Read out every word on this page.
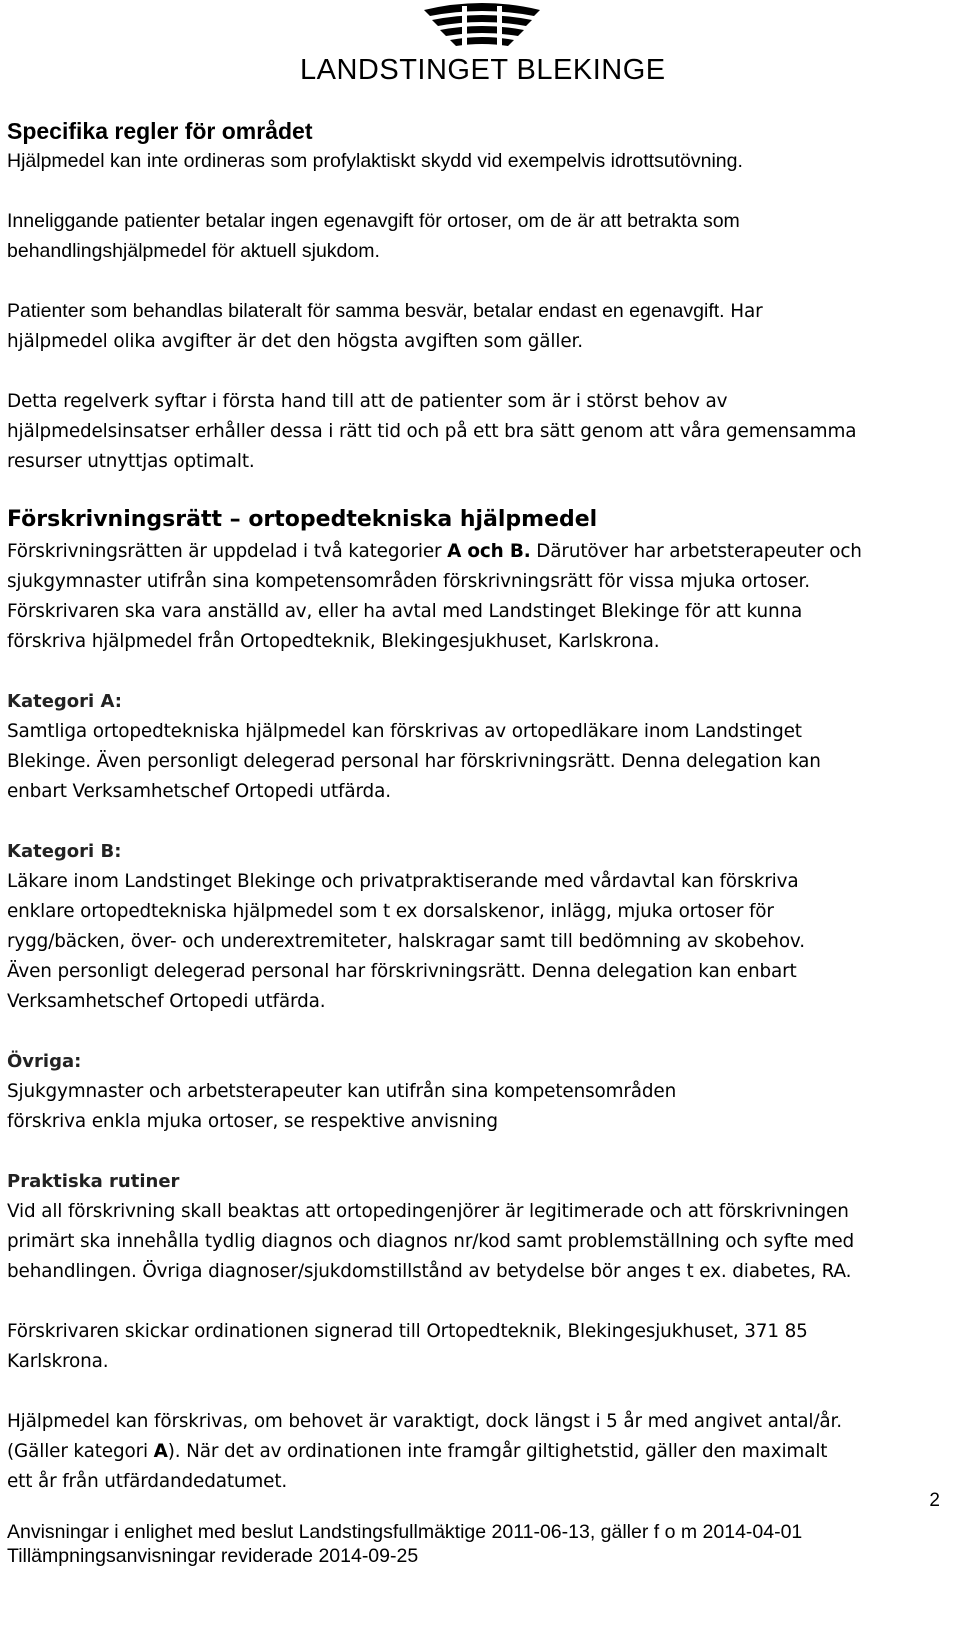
LANDSTINGET BLEKINGE
Specifika regler för området

Hjälpmedel kan inte ordineras som profylaktiskt skydd vid exempelvis idrottsutövning.

Inneliggande patienter betalar ingen egenavgift för ortoser, om de är att betrakta som

behandlingshjälpmedel för aktuell sjukdom.

Patienter som behandlas bilateralt för samma besvär, betalar endast en egenavgift. Har

hjälpmedel olika avgifter är det den högsta avgiften som gäller.

Detta regelverk syftar i första hand till att de patienter som är i störst behov av

hjälpmedelsinsatser erhåller dessa i rätt tid och på ett bra sätt genom att våra gemensamma

resurser utnyttjas optimalt.

Förskrivningsrätt – ortopedtekniska hjälpmedel

Förskrivningsrätten är uppdelad i två kategorier A och B. Därutöver har arbetsterapeuter och

sjukgymnaster utifrån sina kompetensområden förskrivningsrätt för vissa mjuka ortoser.

Förskrivaren ska vara anställd av, eller ha avtal med Landstinget Blekinge för att kunna

förskriva hjälpmedel från Ortopedteknik, Blekingesjukhuset, Karlskrona.

Kategori A:

Samtliga ortopedtekniska hjälpmedel kan förskrivas av ortopedläkare inom Landstinget

Blekinge. Även personligt delegerad personal har förskrivningsrätt. Denna delegation kan

enbart Verksamhetschef Ortopedi utfärda.

Kategori B:

Läkare inom Landstinget Blekinge och privatpraktiserande med vårdavtal kan förskriva

enklare ortopedtekniska hjälpmedel som t ex dorsalskenor, inlägg, mjuka ortoser för

rygg/bäcken, över- och underextremiteter, halskragar samt till bedömning av skobehov.

Även personligt delegerad personal har förskrivningsrätt. Denna delegation kan enbart

Verksamhetschef Ortopedi utfärda.

Övriga:

Sjukgymnaster och arbetsterapeuter kan utifrån sina kompetensområden

förskriva enkla mjuka ortoser, se respektive anvisning

Praktiska rutiner

Vid all förskrivning skall beaktas att ortopedingenjörer är legitimerade och att förskrivningen

primärt ska innehålla tydlig diagnos och diagnos nr/kod samt problemställning och syfte med

behandlingen. Övriga diagnoser/sjukdomstillstånd av betydelse bör anges t ex. diabetes, RA.

Förskrivaren skickar ordinationen signerad till Ortopedteknik, Blekingesjukhuset, 371 85

Karlskrona.

Hjälpmedel kan förskrivas, om behovet är varaktigt, dock längst i 5 år med angivet antal/år.

(Gäller kategori A). När det av ordinationen inte framgår giltighetstid, gäller den maximalt

ett år från utfärdandedatumet.

2
Anvisningar i enlighet med beslut Landstingsfullmäktige 2011-06-13, gäller f o m 2014-04-01
Tillämpningsanvisningar reviderade 2014-09-25
